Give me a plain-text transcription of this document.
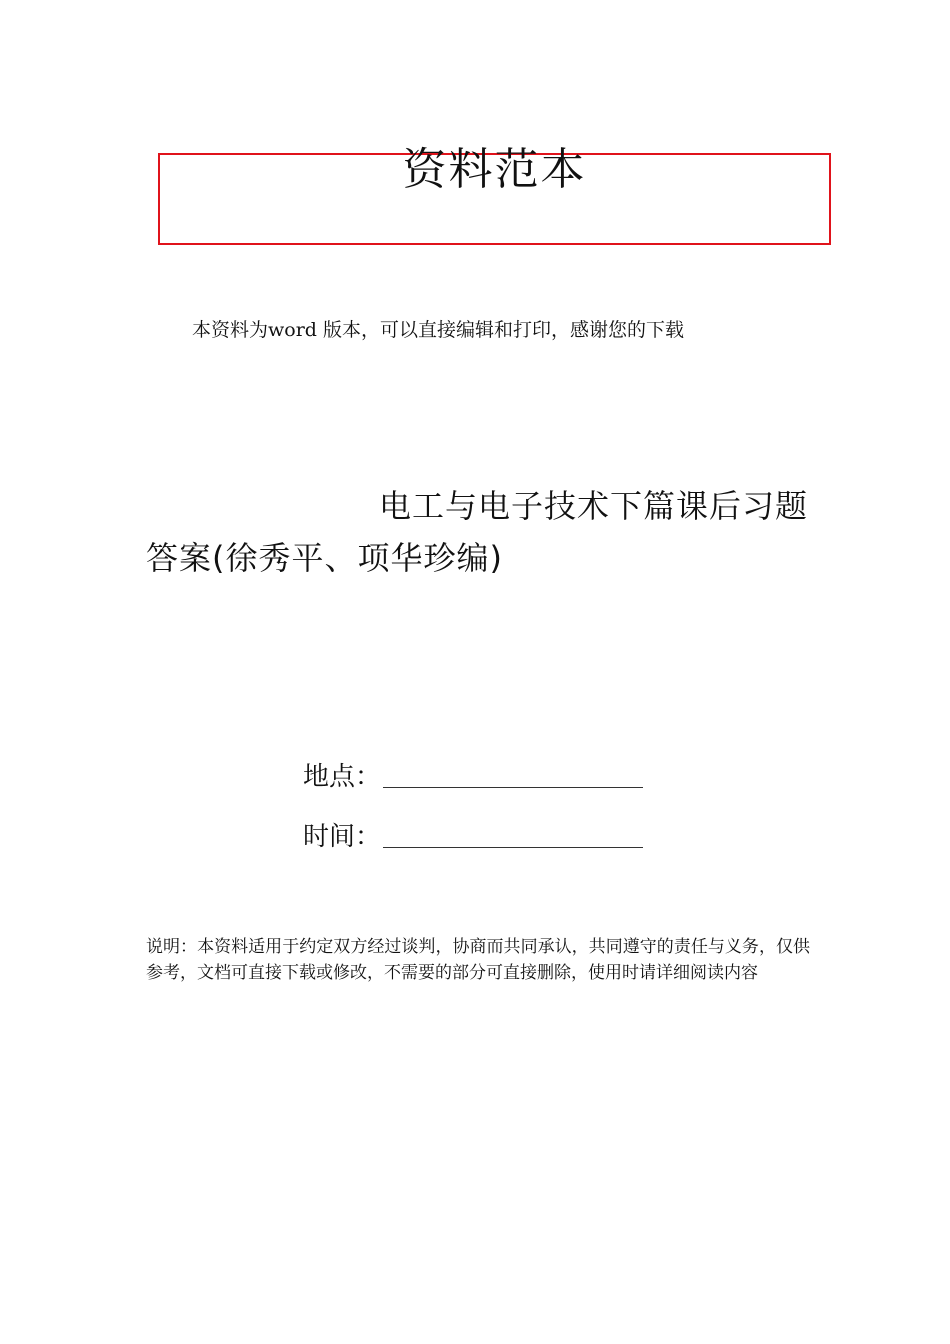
资料范本
本资料为word 版本，可以直接编辑和打印，感谢您的下载
电工与电子技术下篇课后习题
答案(徐秀平、项华珍编)
地点：
时间：
说明：本资料适用于约定双方经过谈判，协商而共同承认，共同遵守的责任与义务，仅供参考，文档可直接下载或修改，不需要的部分可直接删除，使用时请详细阅读内容
